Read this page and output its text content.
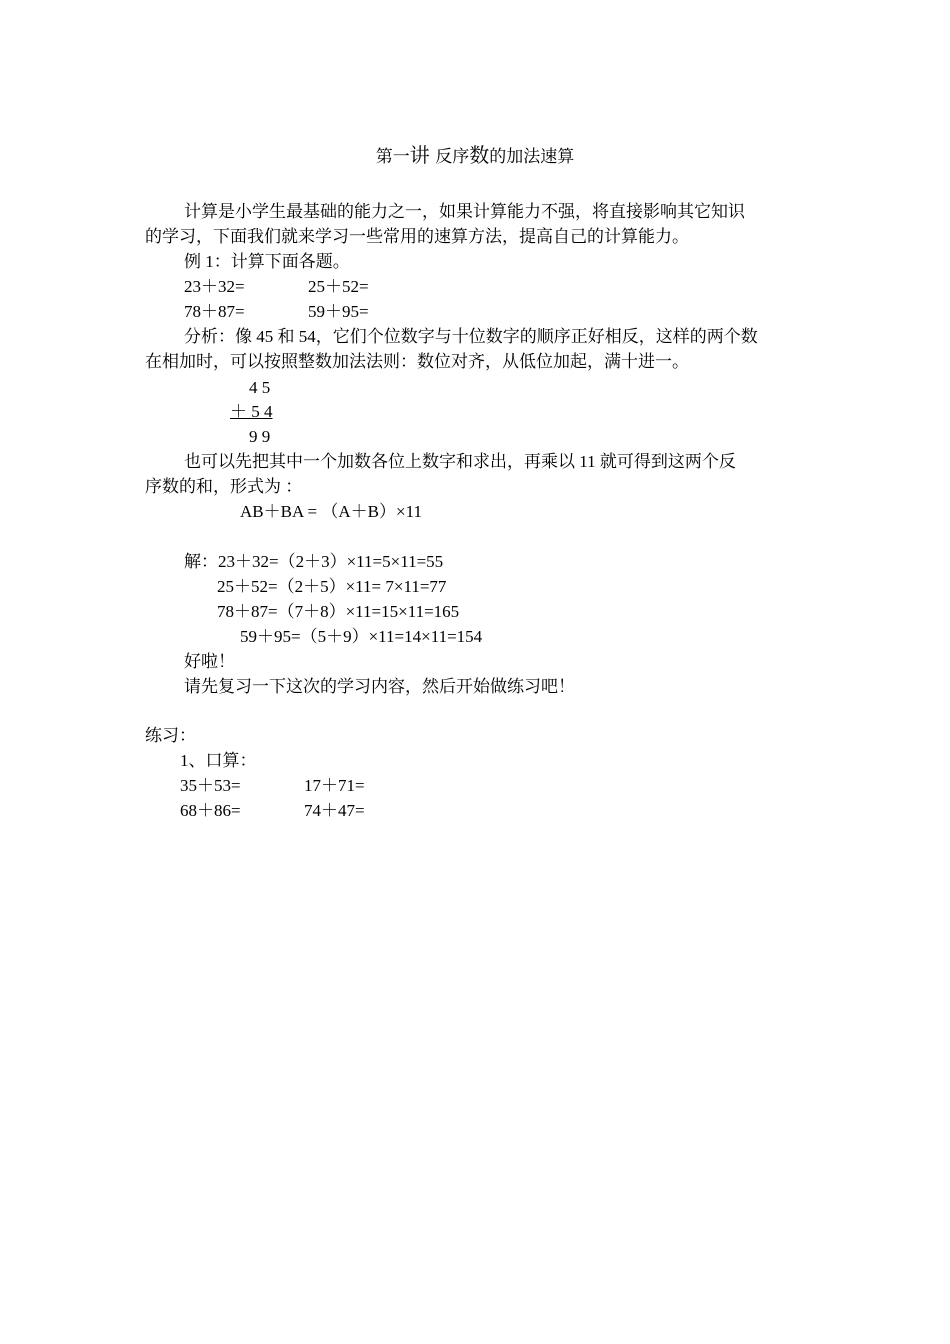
第一讲 反序数的加法速算
计算是小学生最基础的能力之一，如果计算能力不强，将直接影响其它知识
的学习，下面我们就来学习一些常用的速算方法，提高自己的计算能力。
例 1：计算下面各题。
23＋32=	25＋52=
78＋87=	59＋95=
分析：像 45 和 54，它们个位数字与十位数字的顺序正好相反，这样的两个数
在相加时，可以按照整数加法法则：数位对齐，从低位加起，满十进一。
4 5
＋ 5 4
9 9
也可以先把其中一个加数各位上数字和求出，再乘以 11 就可得到这两个反
序数的和，形式为 ：
AB＋BA = （A＋B）×11
解：23＋32=（2＋3）×11=5×11=55
25＋52=（2＋5）×11= 7×11=77
78＋87=（7＋8）×11=15×11=165
59＋95=（5＋9）×11=14×11=154
好啦！
请先复习一下这次的学习内容，然后开始做练习吧！
练习：
1、口算：
35＋53=	17＋71=
68＋86=	74＋47=
